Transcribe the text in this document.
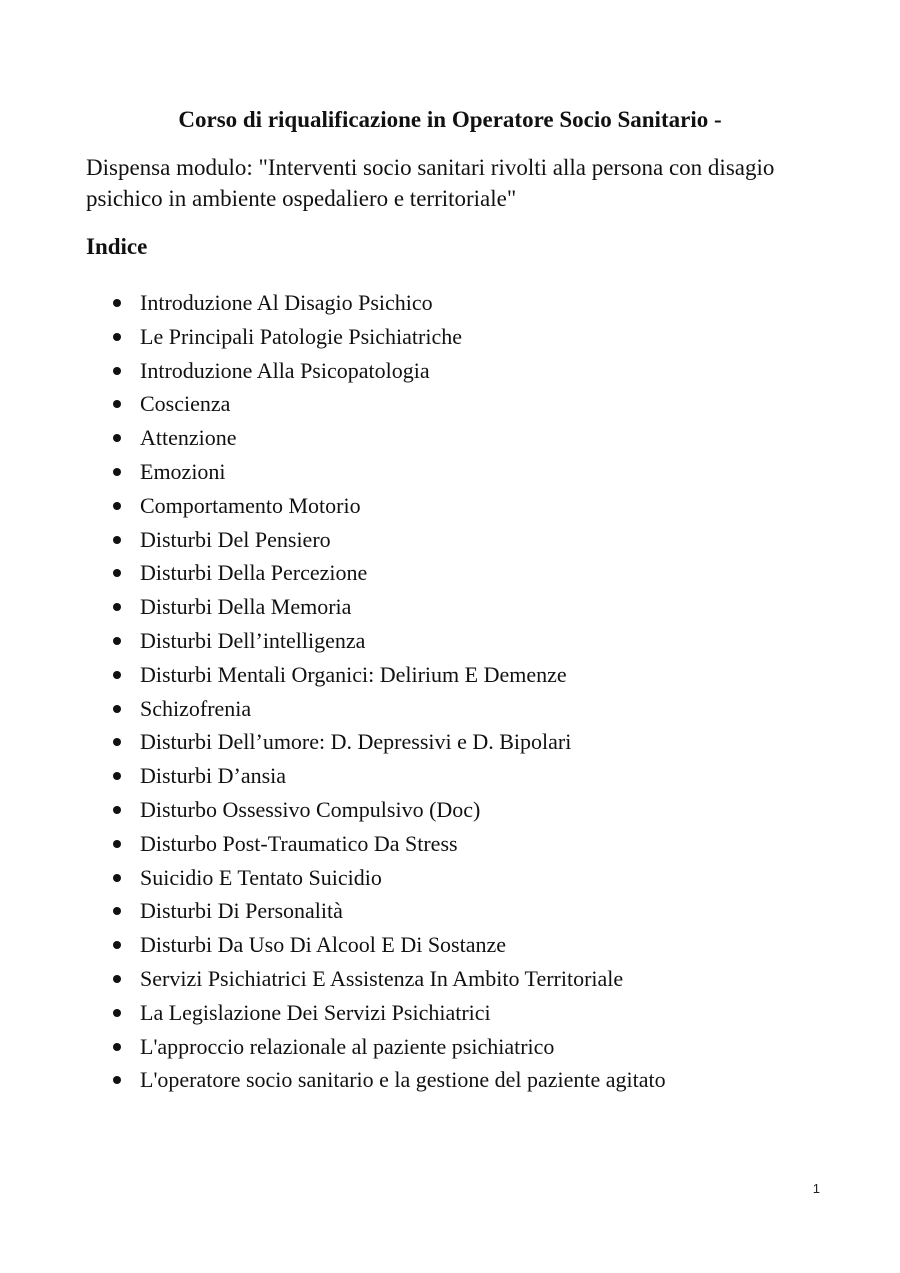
Corso di riqualificazione in Operatore Socio Sanitario -

Dispensa modulo: "Interventi socio sanitari rivolti alla persona con disagio psichico in ambiente ospedaliero e territoriale"

Indice
Introduzione Al Disagio Psichico
Le Principali Patologie Psichiatriche
Introduzione Alla Psicopatologia
Coscienza
Attenzione
Emozioni
Comportamento Motorio
Disturbi Del Pensiero
Disturbi Della Percezione
Disturbi Della Memoria
Disturbi Dell’intelligenza
Disturbi Mentali Organici: Delirium E Demenze
Schizofrenia
Disturbi Dell’umore: D. Depressivi e D. Bipolari
Disturbi D’ansia
Disturbo Ossessivo Compulsivo (Doc)
Disturbo Post-Traumatico Da Stress
Suicidio E Tentato Suicidio
Disturbi Di Personalità
Disturbi Da Uso Di Alcool E Di Sostanze
Servizi Psichiatrici E Assistenza In Ambito Territoriale
La Legislazione Dei Servizi Psichiatrici
L'approccio relazionale al paziente psichiatrico
L'operatore socio sanitario e la gestione del paziente agitato
1
